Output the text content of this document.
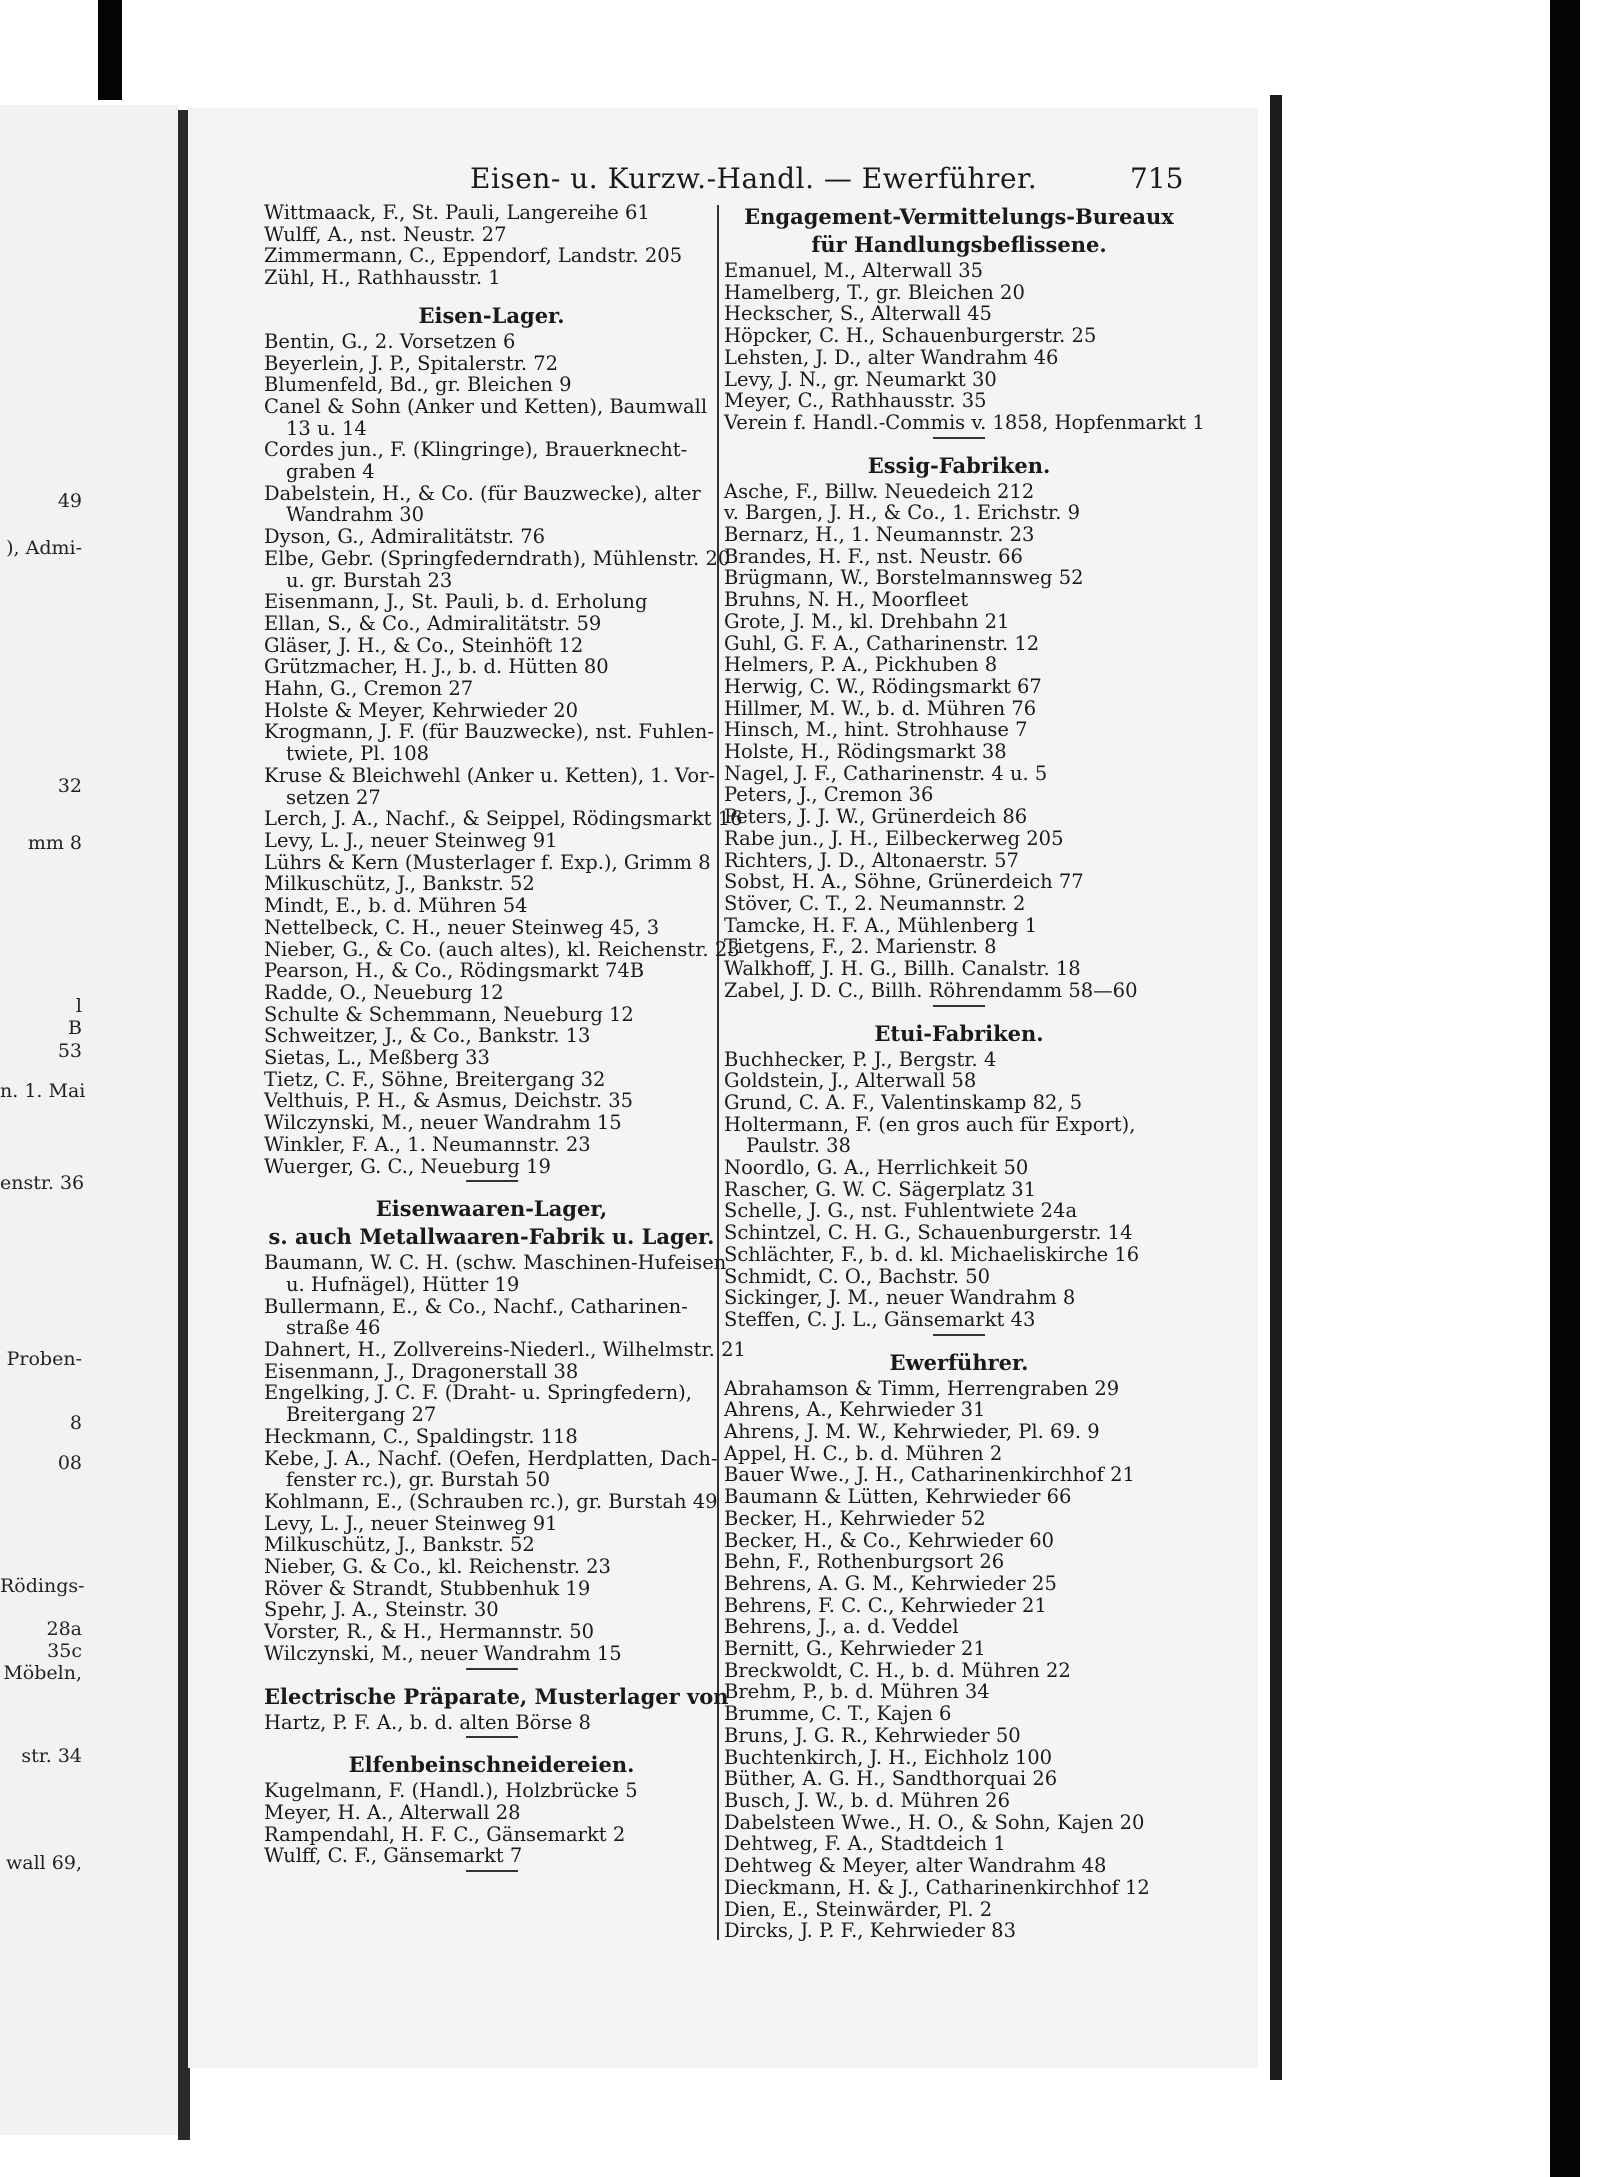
49
), Admi-
32
mm 8
l
B
53
n. 1. Mai
enstr. 36
Proben-
8
08
Rödings-
28a
35c
Möbeln,
str. 34
wall 69,
Eisen- u. Kurzw.-Handl. — Ewerführer.	715
Wittmaack, F., St. Pauli, Langereihe 61
Wulff, A., nst. Neustr. 27
Zimmermann, C., Eppendorf, Landstr. 205
Zühl, H., Rathhausstr. 1
Eisen-Lager.
Bentin, G., 2. Vorsetzen 6
Beyerlein, J. P., Spitalerstr. 72
Blumenfeld, Bd., gr. Bleichen 9
Canel & Sohn (Anker und Ketten), Baumwall
13 u. 14
Cordes jun., F. (Klingringe), Brauerknecht-
graben 4
Dabelstein, H., & Co. (für Bauzwecke), alter
Wandrahm 30
Dyson, G., Admiralitätstr. 76
Elbe, Gebr. (Springfederndrath), Mühlenstr. 20
u. gr. Burstah 23
Eisenmann, J., St. Pauli, b. d. Erholung
Ellan, S., & Co., Admiralitätstr. 59
Gläser, J. H., & Co., Steinhöft 12
Grützmacher, H. J., b. d. Hütten 80
Hahn, G., Cremon 27
Holste & Meyer, Kehrwieder 20
Krogmann, J. F. (für Bauzwecke), nst. Fuhlen-
twiete, Pl. 108
Kruse & Bleichwehl (Anker u. Ketten), 1. Vor-
setzen 27
Lerch, J. A., Nachf., & Seippel, Rödingsmarkt 16
Levy, L. J., neuer Steinweg 91
Lührs & Kern (Musterlager f. Exp.), Grimm 8
Milkuschütz, J., Bankstr. 52
Mindt, E., b. d. Mühren 54
Nettelbeck, C. H., neuer Steinweg 45, 3
Nieber, G., & Co. (auch altes), kl. Reichenstr. 23
Pearson, H., & Co., Rödingsmarkt 74B
Radde, O., Neueburg 12
Schulte & Schemmann, Neueburg 12
Schweitzer, J., & Co., Bankstr. 13
Sietas, L., Meßberg 33
Tietz, C. F., Söhne, Breitergang 32
Velthuis, P. H., & Asmus, Deichstr. 35
Wilczynski, M., neuer Wandrahm 15
Winkler, F. A., 1. Neumannstr. 23
Wuerger, G. C., Neueburg 19
Eisenwaaren-Lager,
s. auch Metallwaaren-Fabrik u. Lager.
Baumann, W. C. H. (schw. Maschinen-Hufeisen
u. Hufnägel), Hütter 19
Bullermann, E., & Co., Nachf., Catharinen-
straße 46
Dahnert, H., Zollvereins-Niederl., Wilhelmstr. 21
Eisenmann, J., Dragonerstall 38
Engelking, J. C. F. (Draht- u. Springfedern),
Breitergang 27
Heckmann, C., Spaldingstr. 118
Kebe, J. A., Nachf. (Oefen, Herdplatten, Dach-
fenster rc.), gr. Burstah 50
Kohlmann, E., (Schrauben rc.), gr. Burstah 49
Levy, L. J., neuer Steinweg 91
Milkuschütz, J., Bankstr. 52
Nieber, G. & Co., kl. Reichenstr. 23
Röver & Strandt, Stubbenhuk 19
Spehr, J. A., Steinstr. 30
Vorster, R., & H., Hermannstr. 50
Wilczynski, M., neuer Wandrahm 15
Electrische Präparate, Musterlager von
Hartz, P. F. A., b. d. alten Börse 8
Elfenbeinschneidereien.
Kugelmann, F. (Handl.), Holzbrücke 5
Meyer, H. A., Alterwall 28
Rampendahl, H. F. C., Gänsemarkt 2
Wulff, C. F., Gänsemarkt 7
Engagement-Vermittelungs-Bureaux
für Handlungsbeflissene.
Emanuel, M., Alterwall 35
Hamelberg, T., gr. Bleichen 20
Heckscher, S., Alterwall 45
Höpcker, C. H., Schauenburgerstr. 25
Lehsten, J. D., alter Wandrahm 46
Levy, J. N., gr. Neumarkt 30
Meyer, C., Rathhausstr. 35
Verein f. Handl.-Commis v. 1858, Hopfenmarkt 1
Essig-Fabriken.
Asche, F., Billw. Neuedeich 212
v. Bargen, J. H., & Co., 1. Erichstr. 9
Bernarz, H., 1. Neumannstr. 23
Brandes, H. F., nst. Neustr. 66
Brügmann, W., Borstelmannsweg 52
Bruhns, N. H., Moorfleet
Grote, J. M., kl. Drehbahn 21
Guhl, G. F. A., Catharinenstr. 12
Helmers, P. A., Pickhuben 8
Herwig, C. W., Rödingsmarkt 67
Hillmer, M. W., b. d. Mühren 76
Hinsch, M., hint. Strohhause 7
Holste, H., Rödingsmarkt 38
Nagel, J. F., Catharinenstr. 4 u. 5
Peters, J., Cremon 36
Peters, J. J. W., Grünerdeich 86
Rabe jun., J. H., Eilbeckerweg 205
Richters, J. D., Altonaerstr. 57
Sobst, H. A., Söhne, Grünerdeich 77
Stöver, C. T., 2. Neumannstr. 2
Tamcke, H. F. A., Mühlenberg 1
Tietgens, F., 2. Marienstr. 8
Walkhoff, J. H. G., Billh. Canalstr. 18
Zabel, J. D. C., Billh. Röhrendamm 58—60
Etui-Fabriken.
Buchhecker, P. J., Bergstr. 4
Goldstein, J., Alterwall 58
Grund, C. A. F., Valentinskamp 82, 5
Holtermann, F. (en gros auch für Export),
Paulstr. 38
Noordlo, G. A., Herrlichkeit 50
Rascher, G. W. C. Sägerplatz 31
Schelle, J. G., nst. Fuhlentwiete 24a
Schintzel, C. H. G., Schauenburgerstr. 14
Schlächter, F., b. d. kl. Michaeliskirche 16
Schmidt, C. O., Bachstr. 50
Sickinger, J. M., neuer Wandrahm 8
Steffen, C. J. L., Gänsemarkt 43
Ewerführer.
Abrahamson & Timm, Herrengraben 29
Ahrens, A., Kehrwieder 31
Ahrens, J. M. W., Kehrwieder, Pl. 69. 9
Appel, H. C., b. d. Mühren 2
Bauer Wwe., J. H., Catharinenkirchhof 21
Baumann & Lütten, Kehrwieder 66
Becker, H., Kehrwieder 52
Becker, H., & Co., Kehrwieder 60
Behn, F., Rothenburgsort 26
Behrens, A. G. M., Kehrwieder 25
Behrens, F. C. C., Kehrwieder 21
Behrens, J., a. d. Veddel
Bernitt, G., Kehrwieder 21
Breckwoldt, C. H., b. d. Mühren 22
Brehm, P., b. d. Mühren 34
Brumme, C. T., Kajen 6
Bruns, J. G. R., Kehrwieder 50
Buchtenkirch, J. H., Eichholz 100
Büther, A. G. H., Sandthorquai 26
Busch, J. W., b. d. Mühren 26
Dabelsteen Wwe., H. O., & Sohn, Kajen 20
Dehtweg, F. A., Stadtdeich 1
Dehtweg & Meyer, alter Wandrahm 48
Dieckmann, H. & J., Catharinenkirchhof 12
Dien, E., Steinwärder, Pl. 2
Dircks, J. P. F., Kehrwieder 83
